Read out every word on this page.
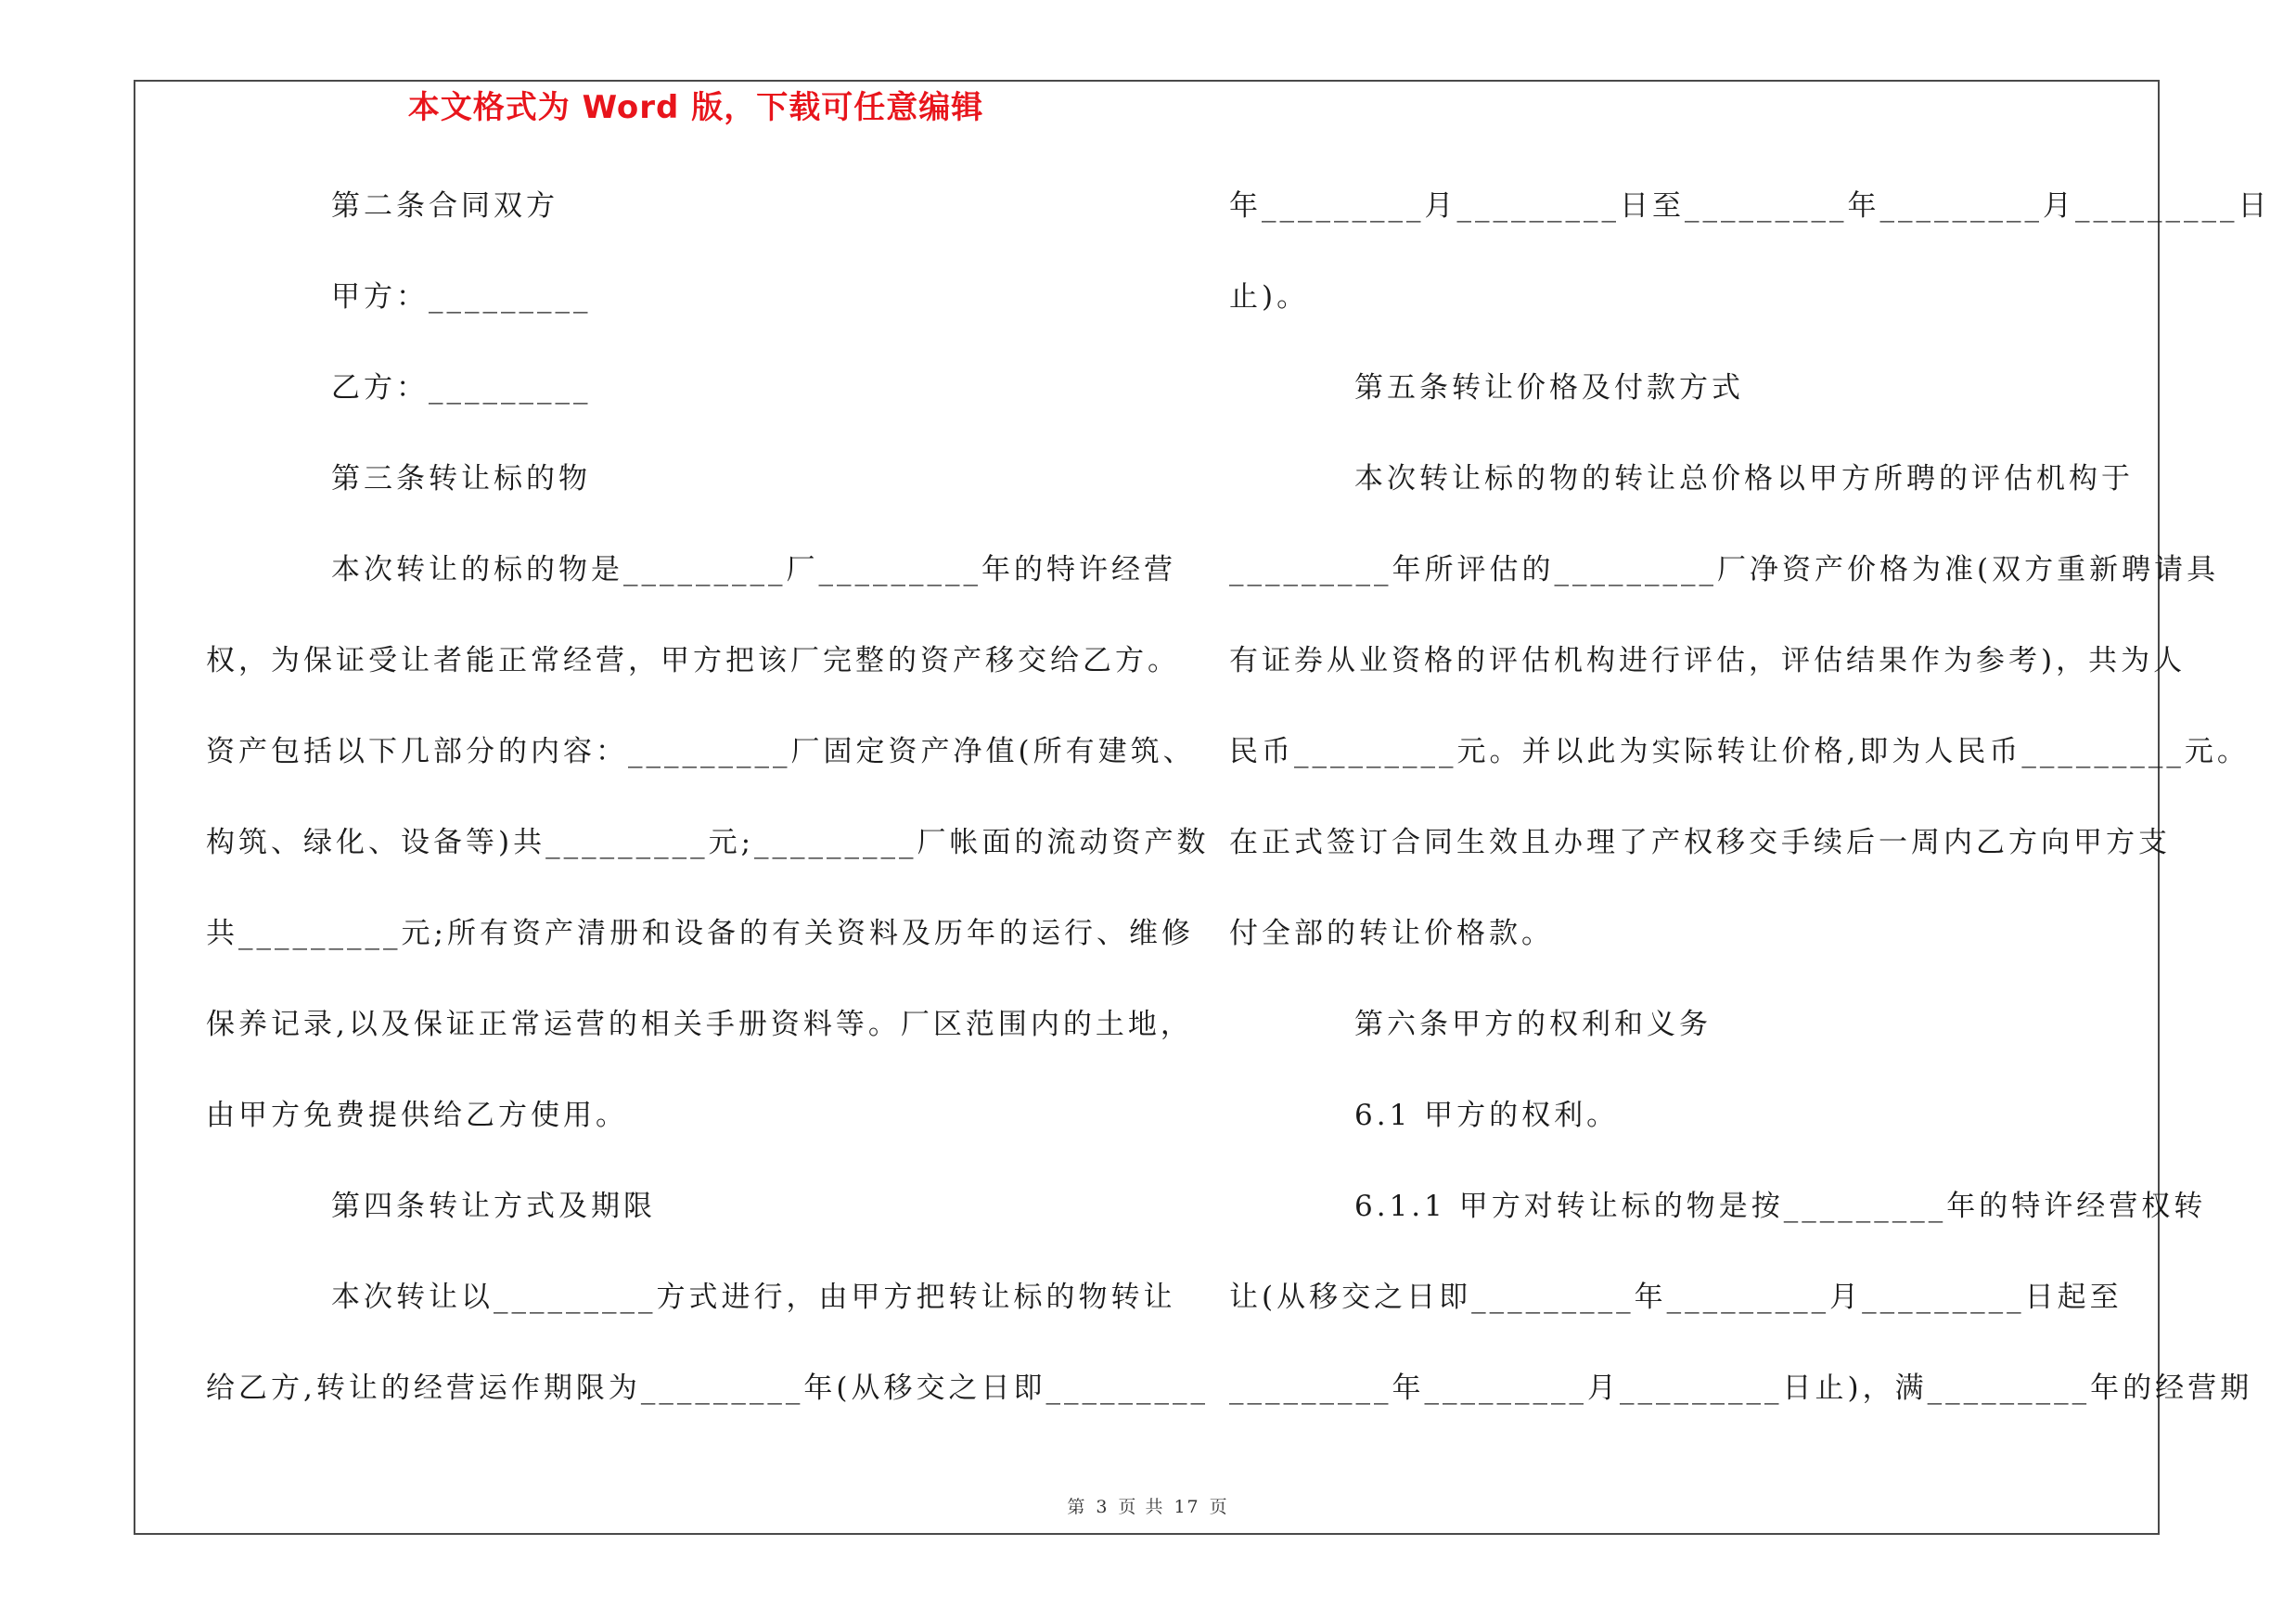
本文格式为 Word 版，下载可任意编辑
第二条合同双方
甲方：_________
乙方：_________
第三条转让标的物
本次转让的标的物是_________厂_________年的特许经营
权，为保证受让者能正常经营，甲方把该厂完整的资产移交给乙方。
资产包括以下几部分的内容：_________厂固定资产净值(所有建筑、
构筑、绿化、设备等)共_________元;_________厂帐面的流动资产数
共_________元;所有资产清册和设备的有关资料及历年的运行、维修
保养记录,以及保证正常运营的相关手册资料等。厂区范围内的土地，
由甲方免费提供给乙方使用。
第四条转让方式及期限
本次转让以_________方式进行，由甲方把转让标的物转让
给乙方,转让的经营运作期限为_________年(从移交之日即_________
年_________月_________日至_________年_________月_________日
止)。
第五条转让价格及付款方式
本次转让标的物的转让总价格以甲方所聘的评估机构于
_________年所评估的_________厂净资产价格为准(双方重新聘请具
有证券从业资格的评估机构进行评估，评估结果作为参考)，共为人
民币_________元。并以此为实际转让价格,即为人民币_________元。
在正式签订合同生效且办理了产权移交手续后一周内乙方向甲方支
付全部的转让价格款。
第六条甲方的权利和义务
6.1 甲方的权利。
6.1.1 甲方对转让标的物是按_________年的特许经营权转
让(从移交之日即_________年_________月_________日起至
_________年_________月_________日止)，满_________年的经营期
第 3 页 共 17 页
